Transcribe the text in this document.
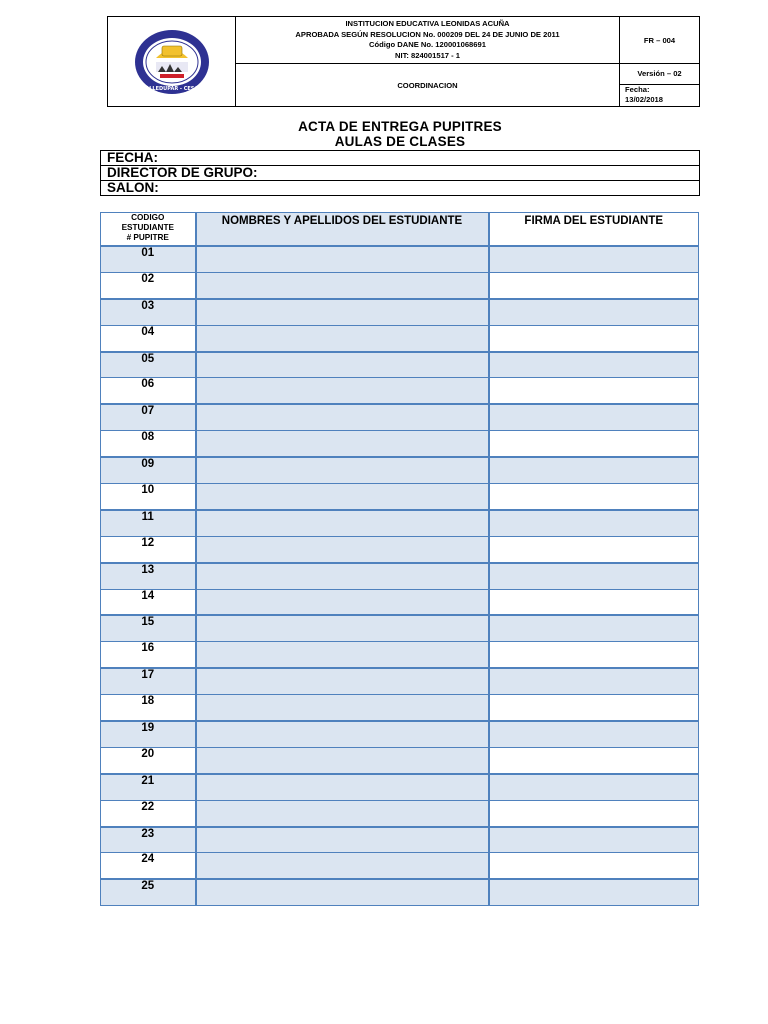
VALLEDUPAR - CESAR

INSTITUCION EDUCATIVA LEONIDAS ACUÑA
APROBADA SEGÚN RESOLUCION No. 000209 DEL 24 DE JUNIO DE 2011
Código DANE No. 120001068691
NIT: 824001517 - 1
	FR – 004
COORDINACION	
Versión – 02

Fecha:
13/02/2018
ACTA DE ENTREGA PUPITRES
AULAS DE CLASES
FECHA:
DIRECTOR DE GRUPO:
SALON:
CODIGO
ESTUDIANTE
# PUPITRE	NOMBRES Y APELLIDOS DEL ESTUDIANTE	FIRMA DEL ESTUDIANTE
01		
02		
03		
04		
05		
06		
07		
08		
09		
10		
11		
12		
13		
14		
15		
16		
17		
18		
19		
20		
21		
22		
23		
24		
25		
